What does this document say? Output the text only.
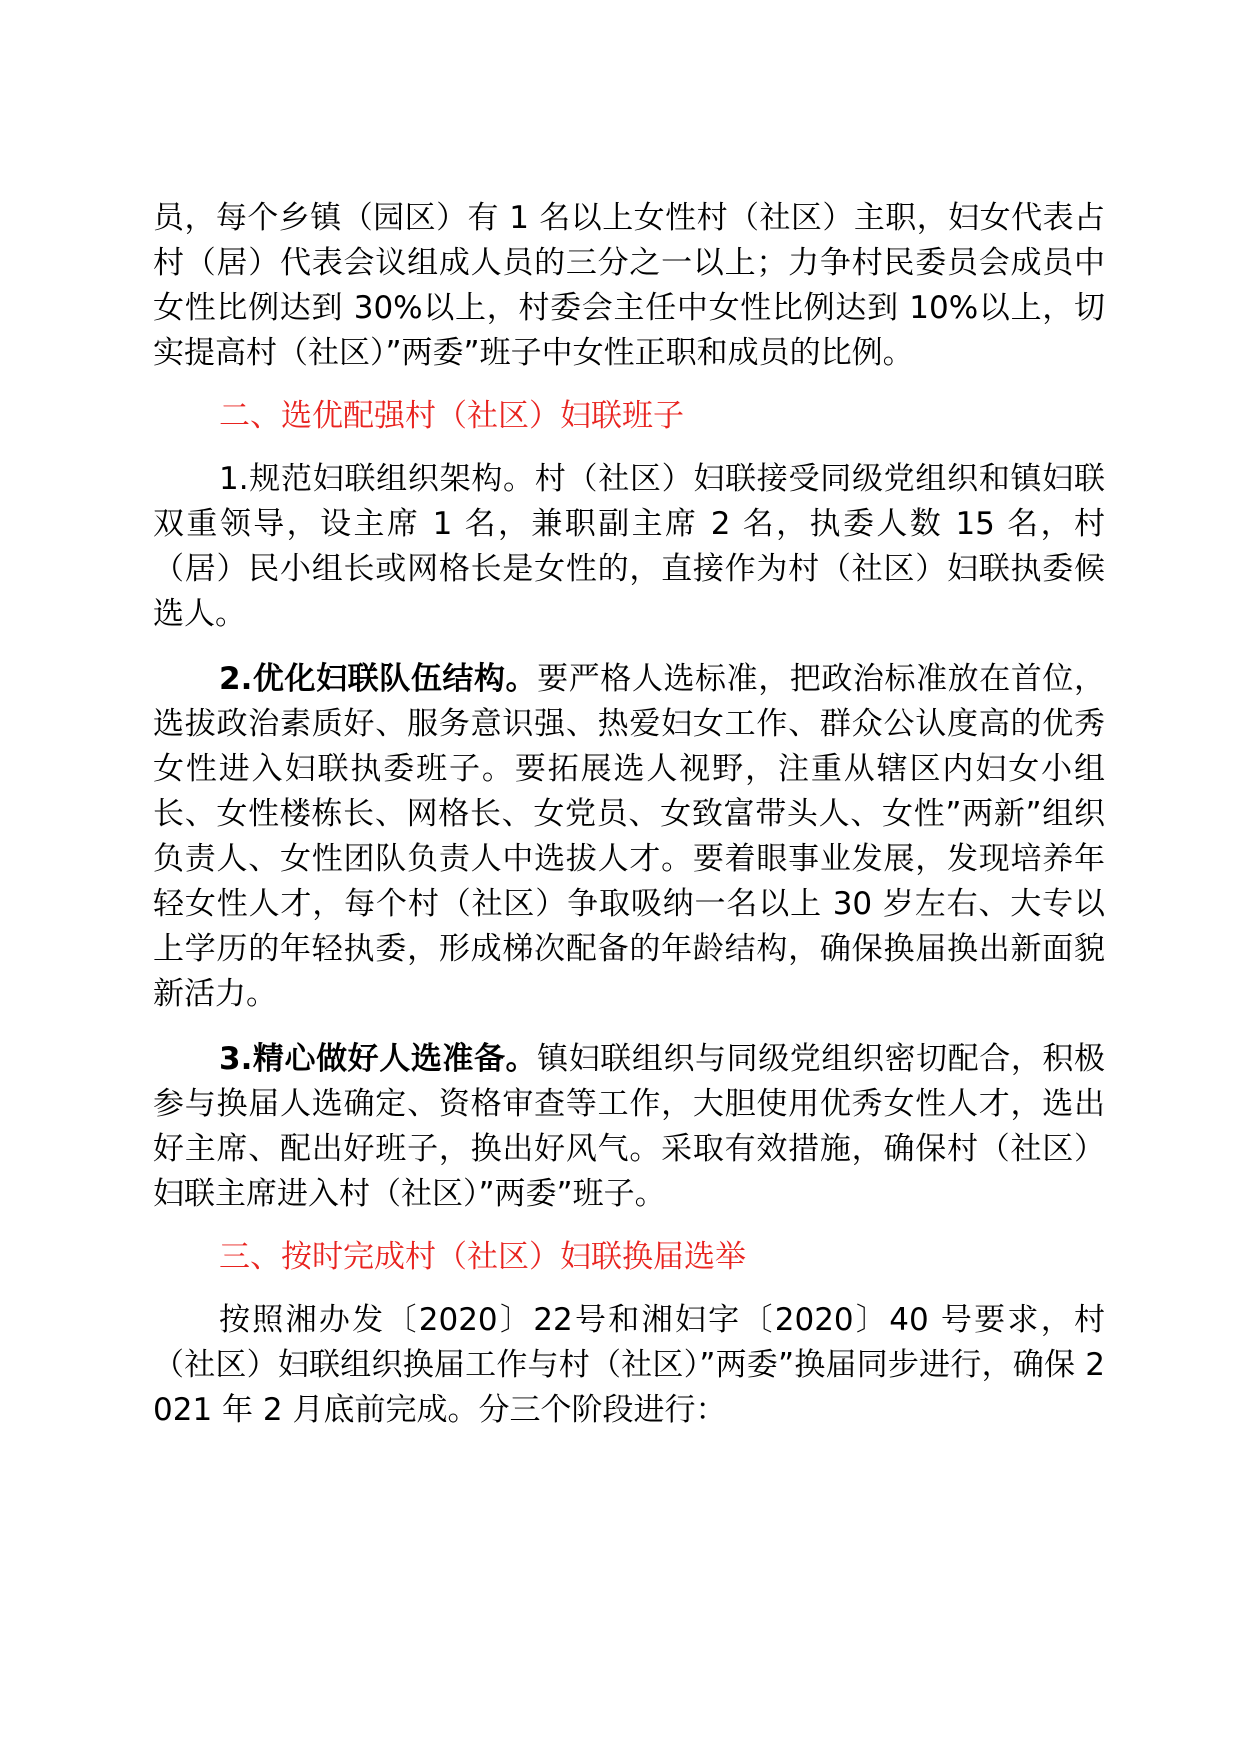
员，每个乡镇（园区）有 1 名以上女性村（社区）主职，妇女代表占村（居）代表会议组成人员的三分之一以上；力争村民委员会成员中女性比例达到 30%以上，村委会主任中女性比例达到 10%以上，切实提高村（社区）”两委”班子中女性正职和成员的比例。

二、选优配强村（社区）妇联班子

1.规范妇联组织架构。村（社区）妇联接受同级党组织和镇妇联双重领导，设主席 1 名，兼职副主席 2 名，执委人数 15 名，村（居）民小组长或网格长是女性的，直接作为村（社区）妇联执委候选人。

2.优化妇联队伍结构。要严格人选标准，把政治标准放在首位，选拔政治素质好、服务意识强、热爱妇女工作、群众公认度高的优秀女性进入妇联执委班子。要拓展选人视野，注重从辖区内妇女小组长、女性楼栋长、网格长、女党员、女致富带头人、女性”两新”组织负责人、女性团队负责人中选拔人才。要着眼事业发展，发现培养年轻女性人才，每个村（社区）争取吸纳一名以上 30 岁左右、大专以上学历的年轻执委，形成梯次配备的年龄结构，确保换届换出新面貌新活力。

3.精心做好人选准备。镇妇联组织与同级党组织密切配合，积极参与换届人选确定、资格审查等工作，大胆使用优秀女性人才，选出好主席、配出好班子，换出好风气。采取有效措施，确保村（社区）妇联主席进入村（社区）”两委”班子。

三、按时完成村（社区）妇联换届选举

按照湘办发〔2020〕22号和湘妇字〔2020〕40 号要求，村（社区）妇联组织换届工作与村（社区）”两委”换届同步进行，确保 2021 年 2 月底前完成。分三个阶段进行：
